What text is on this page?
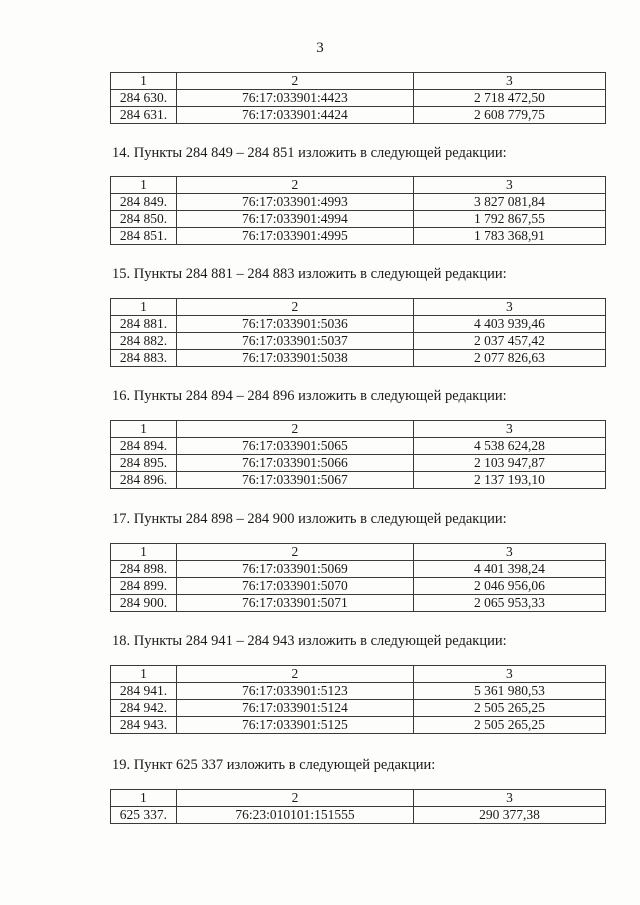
3
1	2	3
284 630.	76:17:033901:4423	2 718 472,50
284 631.	76:17:033901:4424	2 608 779,75
14. Пункты 284 849 – 284 851 изложить в следующей редакции:
1	2	3
284 849.	76:17:033901:4993	3 827 081,84
284 850.	76:17:033901:4994	1 792 867,55
284 851.	76:17:033901:4995	1 783 368,91
15. Пункты 284 881 – 284 883 изложить в следующей редакции:
1	2	3
284 881.	76:17:033901:5036	4 403 939,46
284 882.	76:17:033901:5037	2 037 457,42
284 883.	76:17:033901:5038	2 077 826,63
16. Пункты 284 894 – 284 896 изложить в следующей редакции:
1	2	3
284 894.	76:17:033901:5065	4 538 624,28
284 895.	76:17:033901:5066	2 103 947,87
284 896.	76:17:033901:5067	2 137 193,10
17. Пункты 284 898 – 284 900 изложить в следующей редакции:
1	2	3
284 898.	76:17:033901:5069	4 401 398,24
284 899.	76:17:033901:5070	2 046 956,06
284 900.	76:17:033901:5071	2 065 953,33
18. Пункты 284 941 – 284 943 изложить в следующей редакции:
1	2	3
284 941.	76:17:033901:5123	5 361 980,53
284 942.	76:17:033901:5124	2 505 265,25
284 943.	76:17:033901:5125	2 505 265,25
19. Пункт 625 337 изложить в следующей редакции:
1	2	3
625 337.	76:23:010101:151555	290 377,38
